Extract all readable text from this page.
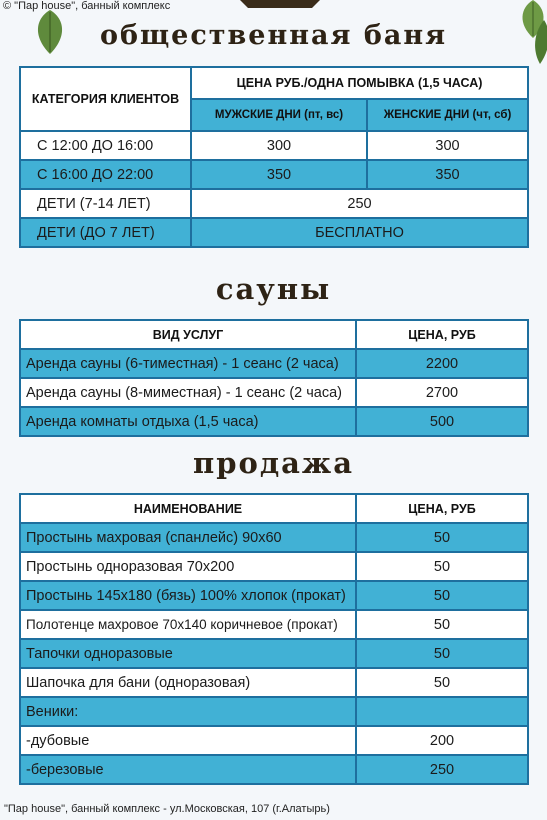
© "Пар house", банный комплекс
общественная баня
КАТЕГОРИЯ КЛИЕНТОВ	ЦЕНА РУБ./ОДНА ПОМЫВКА (1,5 ЧАСА)	
	МУЖСКИЕ ДНИ (пт, вс)	ЖЕНСКИЕ ДНИ (чт, сб)
С 12:00 ДО 16:00	300	300
С 16:00 ДО 22:00	350	350
ДЕТИ (7-14 ЛЕТ)	250	
ДЕТИ (ДО 7 ЛЕТ)	БЕСПЛАТНО	
сауны
ВИД УСЛУГ	ЦЕНА, РУБ
Аренда сауны (6-тиместная) - 1 сеанс (2 часа)	2200
Аренда сауны (8-миместная) - 1 сеанс (2 часа)	2700
Аренда комнаты отдыха (1,5 часа)	500
продажа
НАИМЕНОВАНИЕ	ЦЕНА, РУБ
Простынь махровая (спанлейс) 90х60	50
Простынь одноразовая 70х200	50
Простынь 145х180 (бязь) 100% хлопок (прокат)	50
Полотенце махровое 70х140 коричневое (прокат)	50
Тапочки одноразовые	50
Шапочка для бани (одноразовая)	50
Веники:	
-дубовые	200
-березовые	250
"Пар house", банный комплекс - ул.Московская, 107 (г.Алатырь)
